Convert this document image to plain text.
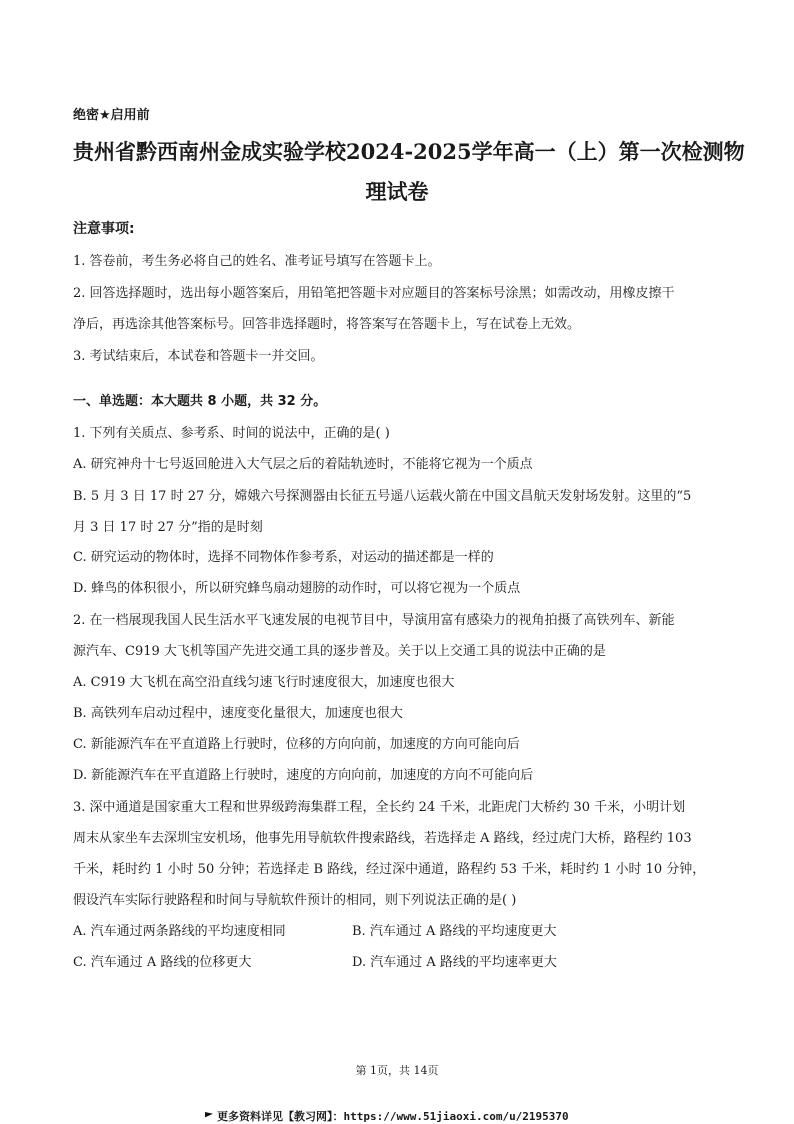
绝密★启用前
贵州省黔西南州金成实验学校2024-2025学年高一（上）第一次检测物
理试卷
注意事项:
1. 答卷前，考生务必将自己的姓名、准考证号填写在答题卡上。
2. 回答选择题时，选出每小题答案后，用铅笔把答题卡对应题目的答案标号涂黑；如需改动，用橡皮擦干
净后，再选涂其他答案标号。回答非选择题时，将答案写在答题卡上，写在试卷上无效。
3. 考试结束后，本试卷和答题卡一并交回。
一、单选题：本大题共 8 小题，共 32 分。
1. 下列有关质点、参考系、时间的说法中，正确的是( )
A. 研究神舟十七号返回舱进入大气层之后的着陆轨迹时，不能将它视为一个质点
B. 5 月 3 日 17 时 27 分，嫦娥六号探测器由长征五号遥八运载火箭在中国文昌航天发射场发射。这里的“5
月 3 日 17 时 27 分”指的是时刻
C. 研究运动的物体时，选择不同物体作参考系，对运动的描述都是一样的
D. 蜂鸟的体积很小，所以研究蜂鸟扇动翅膀的动作时，可以将它视为一个质点
2. 在一档展现我国人民生活水平飞速发展的电视节目中，导演用富有感染力的视角拍摄了高铁列车、新能
源汽车、C919 大飞机等国产先进交通工具的逐步普及。关于以上交通工具的说法中正确的是
A. C919 大飞机在高空沿直线匀速飞行时速度很大，加速度也很大
B. 高铁列车启动过程中，速度变化量很大，加速度也很大
C. 新能源汽车在平直道路上行驶时，位移的方向向前，加速度的方向可能向后
D. 新能源汽车在平直道路上行驶时，速度的方向向前，加速度的方向不可能向后
3. 深中通道是国家重大工程和世界级跨海集群工程，全长约 24 千米，北距虎门大桥约 30 千米，小明计划
周末从家坐车去深圳宝安机场，他事先用导航软件搜索路线，若选择走 A 路线，经过虎门大桥，路程约 103
千米，耗时约 1 小时 50 分钟；若选择走 B 路线，经过深中通道，路程约 53 千米，耗时约 1 小时 10 分钟，
假设汽车实际行驶路程和时间与导航软件预计的相同，则下列说法正确的是( )
A. 汽车通过两条路线的平均速度相同	B. 汽车通过 A 路线的平均速度更大
C. 汽车通过 A 路线的位移更大	D. 汽车通过 A 路线的平均速率更大
第 1页，共 14页
更多资料详见【教习网】：https://www.51jiaoxi.com/u/2195370
